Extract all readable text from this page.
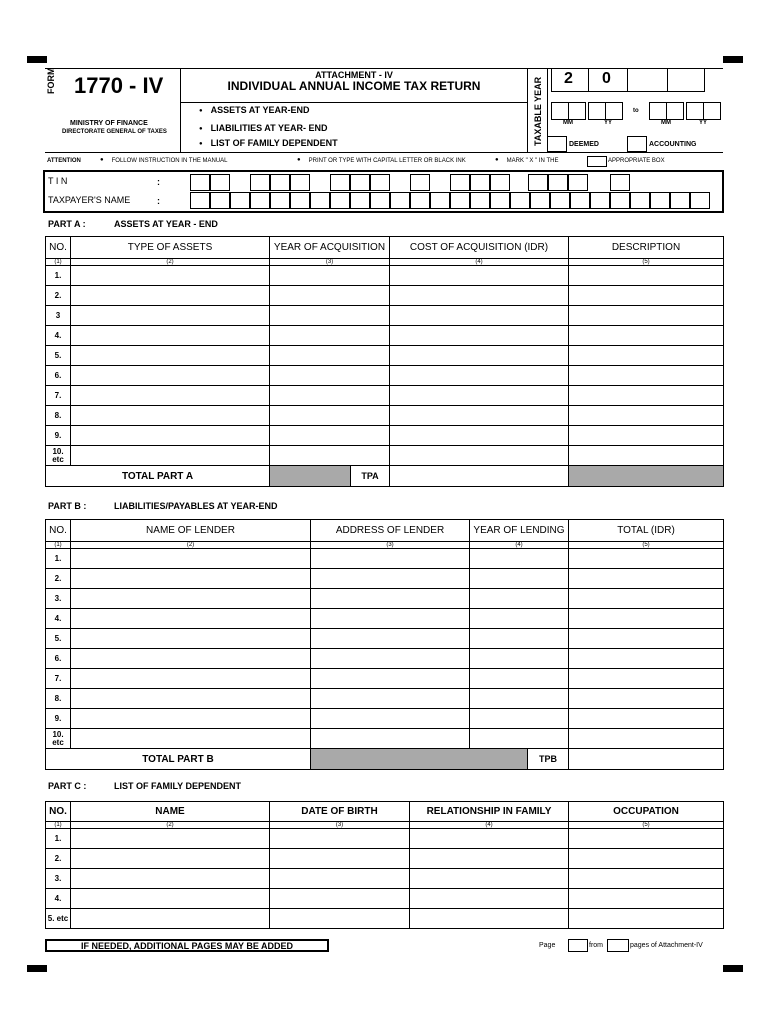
FORM 1770 - IV
MINISTRY OF FINANCE
DIRECTORATE GENERAL OF TAXES
ATTACHMENT - IV
INDIVIDUAL ANNUAL INCOME TAX RETURN
● ASSETS AT YEAR-END
● LIABILITIES AT YEAR- END
● LIST OF FAMILY DEPENDENT	TAXABLE YEAR 2 0
MM	YY
to
MM	YY
DEEMED	ACCOUNTING
ATTENTION	● FOLLOW INSTRUCTION IN THE MANUAL	● PRINT OR TYPE WITH CAPITAL LETTER OR BLACK INK	● MARK " X " IN THE	APPROPRIATE BOX
T I N	:
TAXPAYER'S NAME	:
PART A :	ASSETS AT YEAR - END
NO.	TYPE OF ASSETS	YEAR OF ACQUISITION	COST OF ACQUISITION (IDR)	DESCRIPTION
(1)	(2)	(3)	(4)	(5)
1.				
2.				
3				
4.				
5.				
6.				
7.				
8.				
9.				
10. etc				
TOTAL PART A		TPA		

PART B :	LIABILITIES/PAYABLES AT YEAR-END
NO.	NAME OF LENDER	ADDRESS OF LENDER	YEAR OF LENDING	TOTAL (IDR)
(1)	(2)	(3)	(4)	(5)
1.				
2.				
3.				
4.				
5.				
6.				
7.				
8.				
9.				
10. etc				
TOTAL PART B		TPB		

PART C :	LIST OF FAMILY DEPENDENT
NO.	NAME	DATE OF BIRTH	RELATIONSHIP IN FAMILY	OCCUPATION
(1)	(2)	(3)	(4)	(5)
1.				
2.				
3.				
4.				
5. etc				
IF NEEDED, ADDITIONAL PAGES MAY BE ADDED	Page	from	pages of Attachment-IV
